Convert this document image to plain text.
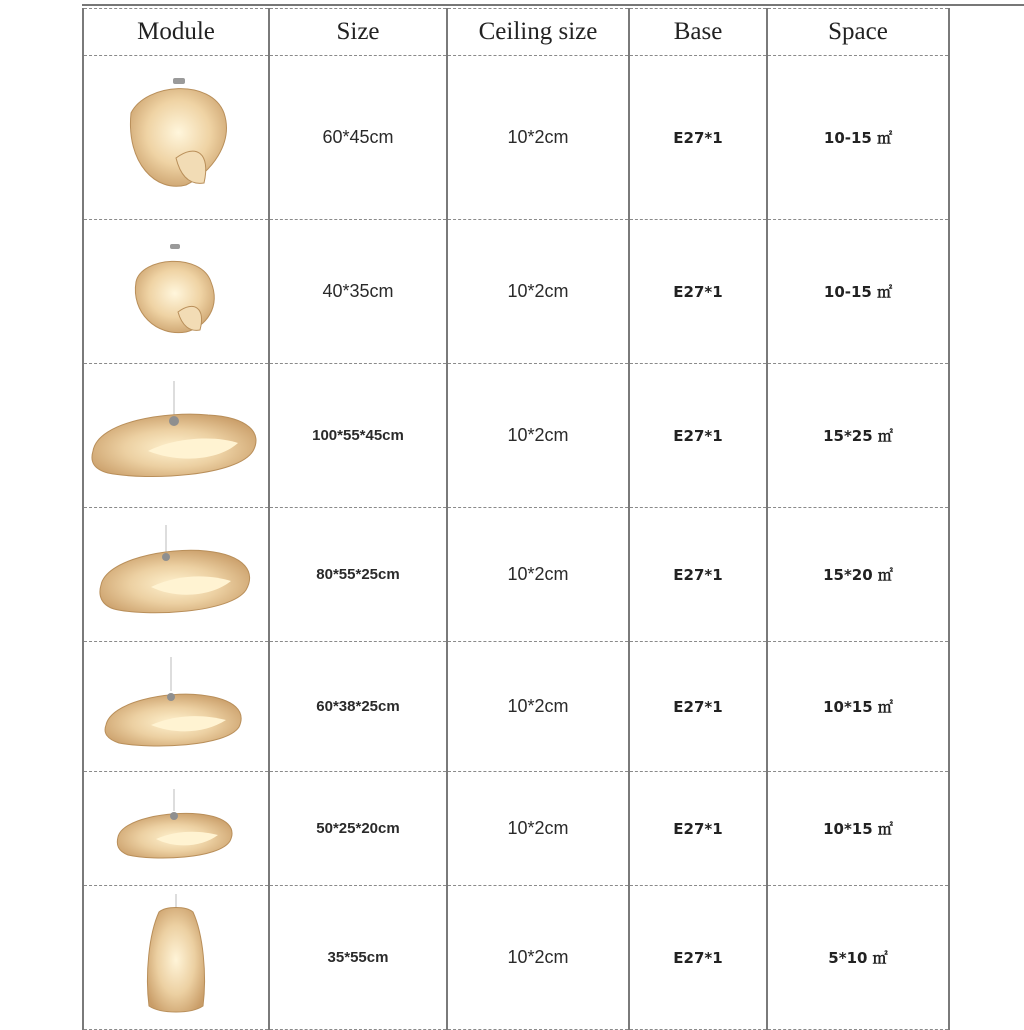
Module	Size	Ceiling size	Base	Space

	60*45cm	10*2cm	E27*1	10-15 ㎡

	40*35cm	10*2cm	E27*1	10-15 ㎡

	100*55*45cm	10*2cm	E27*1	15*25 ㎡

	80*55*25cm	10*2cm	E27*1	15*20 ㎡

	60*38*25cm	10*2cm	E27*1	10*15 ㎡

	50*25*20cm	10*2cm	E27*1	10*15 ㎡

	35*55cm	10*2cm	E27*1	5*10 ㎡
